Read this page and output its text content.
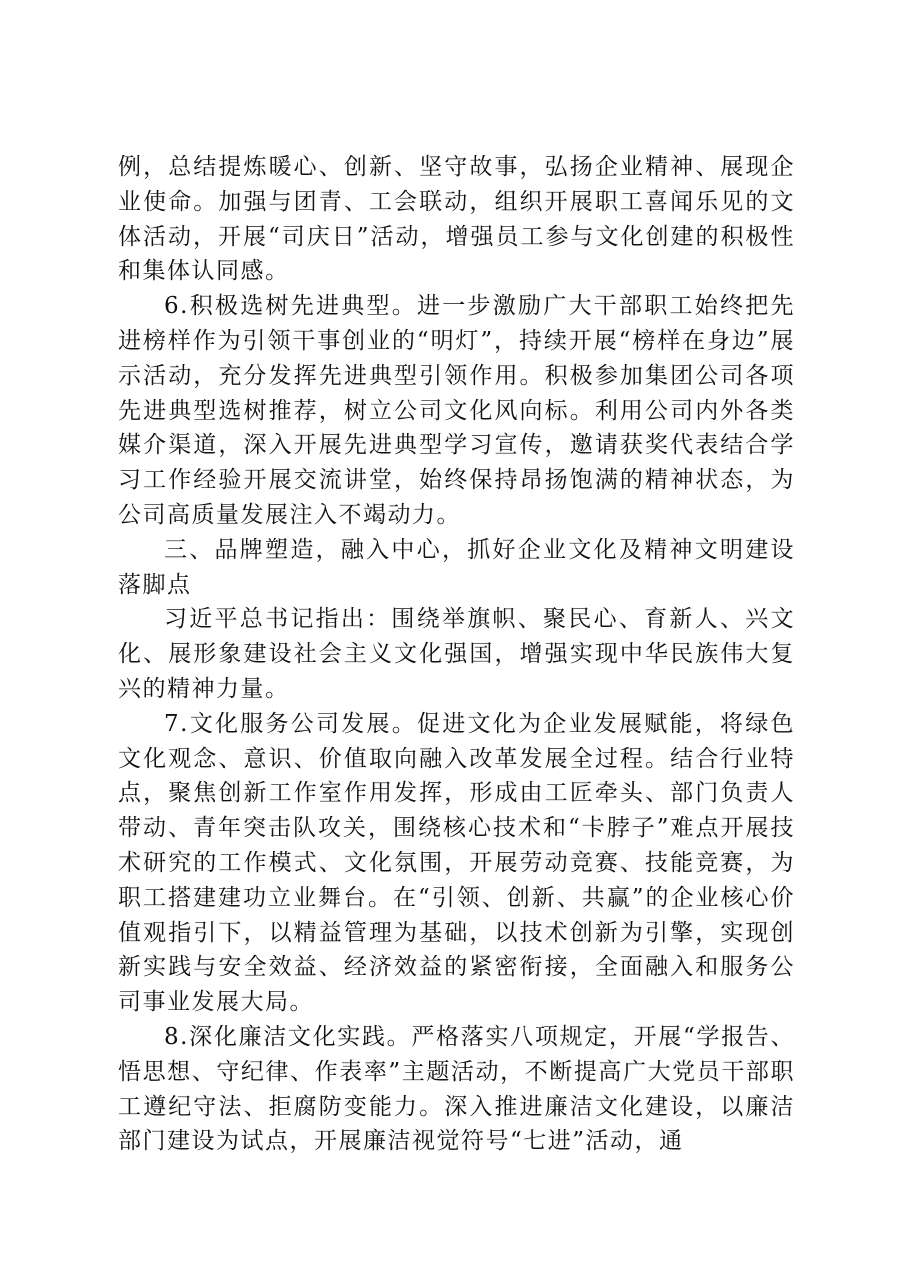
例，总结提炼暖心、创新、坚守故事，弘扬企业精神、展现企业使命。加强与团青、工会联动，组织开展职工喜闻乐见的文体活动，开展“司庆日”活动，增强员工参与文化创建的积极性和集体认同感。

6.积极选树先进典型。进一步激励广大干部职工始终把先进榜样作为引领干事创业的“明灯”，持续开展“榜样在身边”展示活动，充分发挥先进典型引领作用。积极参加集团公司各项先进典型选树推荐，树立公司文化风向标。利用公司内外各类媒介渠道，深入开展先进典型学习宣传，邀请获奖代表结合学习工作经验开展交流讲堂，始终保持昂扬饱满的精神状态，为公司高质量发展注入不竭动力。

三、品牌塑造，融入中心，抓好企业文化及精神文明建设落脚点

习近平总书记指出：围绕举旗帜、聚民心、育新人、兴文化、展形象建设社会主义文化强国，增强实现中华民族伟大复兴的精神力量。

7.文化服务公司发展。促进文化为企业发展赋能，将绿色文化观念、意识、价值取向融入改革发展全过程。结合行业特点，聚焦创新工作室作用发挥，形成由工匠牵头、部门负责人带动、青年突击队攻关，围绕核心技术和“卡脖子”难点开展技术研究的工作模式、文化氛围，开展劳动竞赛、技能竞赛，为职工搭建建功立业舞台。在“引领、创新、共赢”的企业核心价值观指引下，以精益管理为基础，以技术创新为引擎，实现创新实践与安全效益、经济效益的紧密衔接，全面融入和服务公司事业发展大局。

8.深化廉洁文化实践。严格落实八项规定，开展“学报告、悟思想、守纪律、作表率”主题活动，不断提高广大党员干部职工遵纪守法、拒腐防变能力。深入推进廉洁文化建设，以廉洁部门建设为试点，开展廉洁视觉符号“七进”活动，通
